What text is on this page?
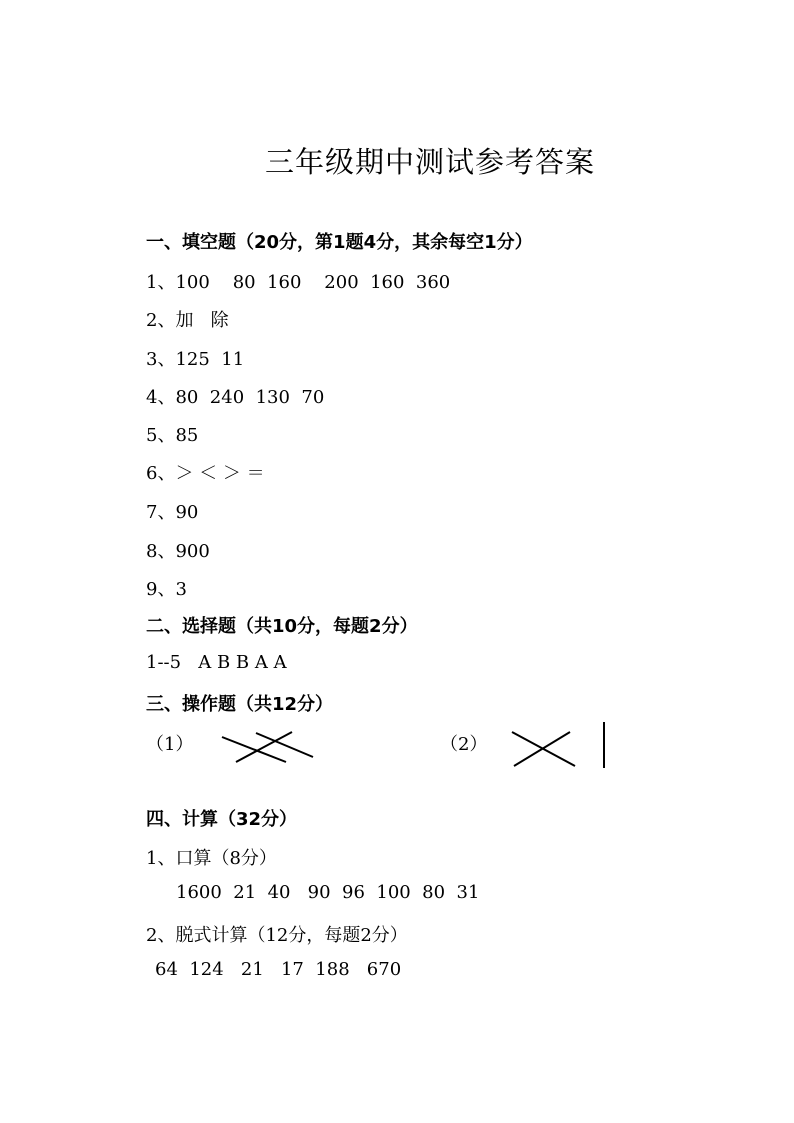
三年级期中测试参考答案
一、填空题（20分，第1题4分，其余每空1分）
1、100    80  160    200  160  360
2、加   除
3、125  11
4、80  240  130  70
5、85
6、＞ ＜ ＞ ＝
7、90
8、900
9、3
二、选择题（共10分，每题2分）
1--5   A B B A A
三、操作题（共12分）
（1）	（2）
四、计算（32分）
1、口算（8分）
1600  21  40   90  96  100  80  31
2、脱式计算（12分，每题2分）
64  124   21   17  188   670
